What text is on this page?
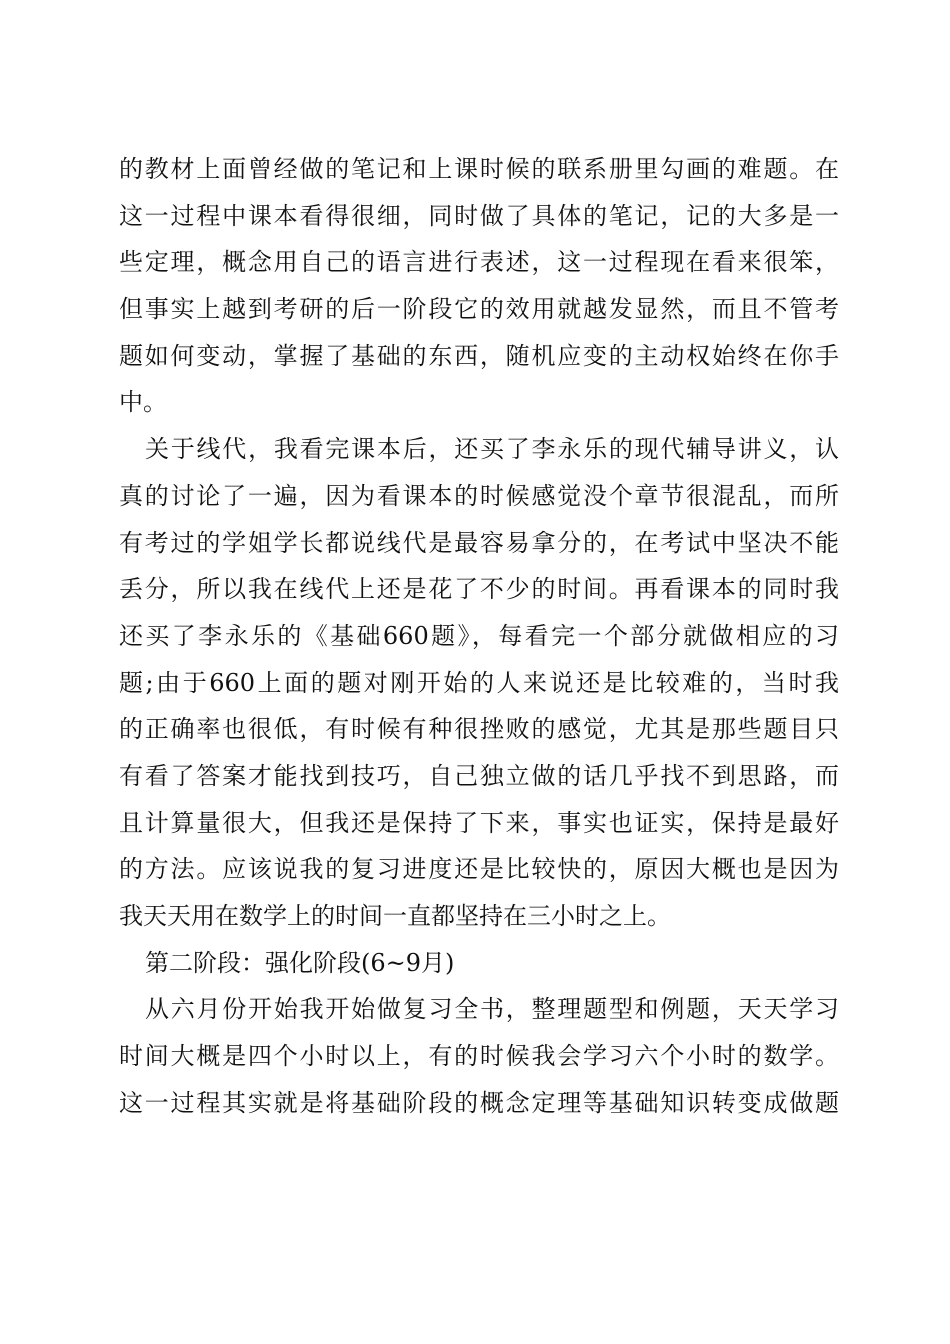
的教材上面曾经做的笔记和上课时候的联系册里勾画的难题。在
这一过程中课本看得很细，同时做了具体的笔记，记的大多是一
些定理，概念用自己的语言进行表述，这一过程现在看来很笨，
但事实上越到考研的后一阶段它的效用就越发显然，而且不管考
题如何变动，掌握了基础的东西，随机应变的主动权始终在你手
中。
关于线代，我看完课本后，还买了李永乐的现代辅导讲义，认
真的讨论了一遍，因为看课本的时候感觉没个章节很混乱，而所
有考过的学姐学长都说线代是最容易拿分的，在考试中坚决不能
丢分，所以我在线代上还是花了不少的时间。再看课本的同时我
还买了李永乐的《基础660题》，每看完一个部分就做相应的习
题;由于660上面的题对刚开始的人来说还是比较难的，当时我
的正确率也很低，有时候有种很挫败的感觉，尤其是那些题目只
有看了答案才能找到技巧，自己独立做的话几乎找不到思路，而
且计算量很大，但我还是保持了下来，事实也证实，保持是最好
的方法。应该说我的复习进度还是比较快的，原因大概也是因为
我天天用在数学上的时间一直都坚持在三小时之上。
第二阶段：强化阶段(6~9月)
从六月份开始我开始做复习全书，整理题型和例题，天天学习
时间大概是四个小时以上，有的时候我会学习六个小时的数学。
这一过程其实就是将基础阶段的概念定理等基础知识转变成做题
